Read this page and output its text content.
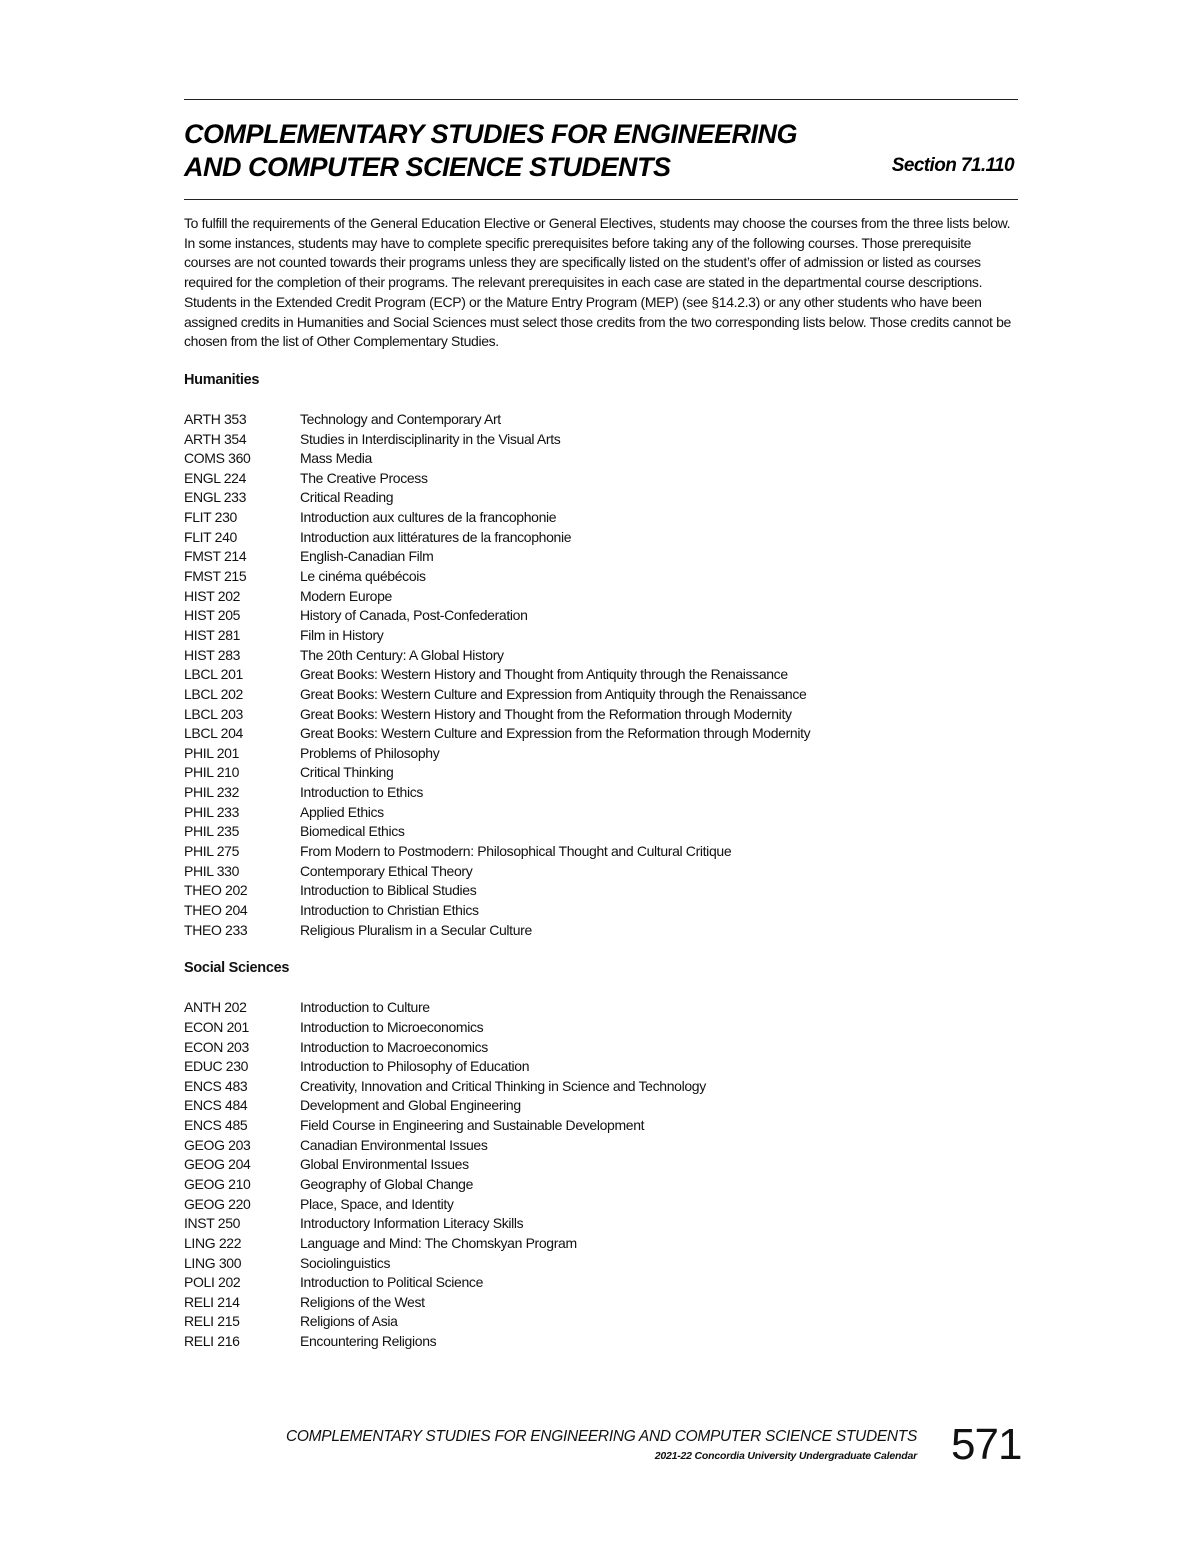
COMPLEMENTARY STUDIES FOR ENGINEERING
AND COMPUTER SCIENCE STUDENTS	Section 71.110

To fulfill the requirements of the General Education Elective or General Electives, students may choose the courses from the three lists below. In some instances, students may have to complete specific prerequisites before taking any of the following courses. Those prerequisite courses are not counted towards their programs unless they are specifically listed on the student’s offer of admission or listed as courses required for the completion of their programs. The relevant prerequisites in each case are stated in the departmental course descriptions.

Students in the Extended Credit Program (ECP) or the Mature Entry Program (MEP) (see §14.2.3) or any other students who have been assigned credits in Humanities and Social Sciences must select those credits from the two corresponding lists below. Those credits cannot be chosen from the list of Other Complementary Studies.

Humanities
ARTH 353	Technology and Contemporary Art
ARTH 354	Studies in Interdisciplinarity in the Visual Arts
COMS 360	Mass Media
ENGL 224	The Creative Process
ENGL 233	Critical Reading
FLIT 230	Introduction aux cultures de la francophonie
FLIT 240	Introduction aux littératures de la francophonie
FMST 214	English-Canadian Film
FMST 215	Le cinéma québécois
HIST 202	Modern Europe
HIST 205	History of Canada, Post-Confederation
HIST 281	Film in History
HIST 283	The 20th Century: A Global History
LBCL 201	Great Books: Western History and Thought from Antiquity through the Renaissance
LBCL 202	Great Books: Western Culture and Expression from Antiquity through the Renaissance
LBCL 203	Great Books: Western History and Thought from the Reformation through Modernity
LBCL 204	Great Books: Western Culture and Expression from the Reformation through Modernity
PHIL 201	Problems of Philosophy
PHIL 210	Critical Thinking
PHIL 232	Introduction to Ethics
PHIL 233	Applied Ethics
PHIL 235	Biomedical Ethics
PHIL 275	From Modern to Postmodern: Philosophical Thought and Cultural Critique
PHIL 330	Contemporary Ethical Theory
THEO 202	Introduction to Biblical Studies
THEO 204	Introduction to Christian Ethics
THEO 233	Religious Pluralism in a Secular Culture
Social Sciences
ANTH 202	Introduction to Culture
ECON 201	Introduction to Microeconomics
ECON 203	Introduction to Macroeconomics
EDUC 230	Introduction to Philosophy of Education
ENCS 483	Creativity, Innovation and Critical Thinking in Science and Technology
ENCS 484	Development and Global Engineering
ENCS 485	Field Course in Engineering and Sustainable Development
GEOG 203	Canadian Environmental Issues
GEOG 204	Global Environmental Issues
GEOG 210	Geography of Global Change
GEOG 220	Place, Space, and Identity
INST 250	Introductory Information Literacy Skills
LING 222	Language and Mind: The Chomskyan Program
LING 300	Sociolinguistics
POLI 202	Introduction to Political Science
RELI 214	Religions of the West
RELI 215	Religions of Asia
RELI 216	Encountering Religions
COMPLEMENTARY STUDIES FOR ENGINEERING AND COMPUTER SCIENCE STUDENTS
2021-22 Concordia University Undergraduate Calendar 571
